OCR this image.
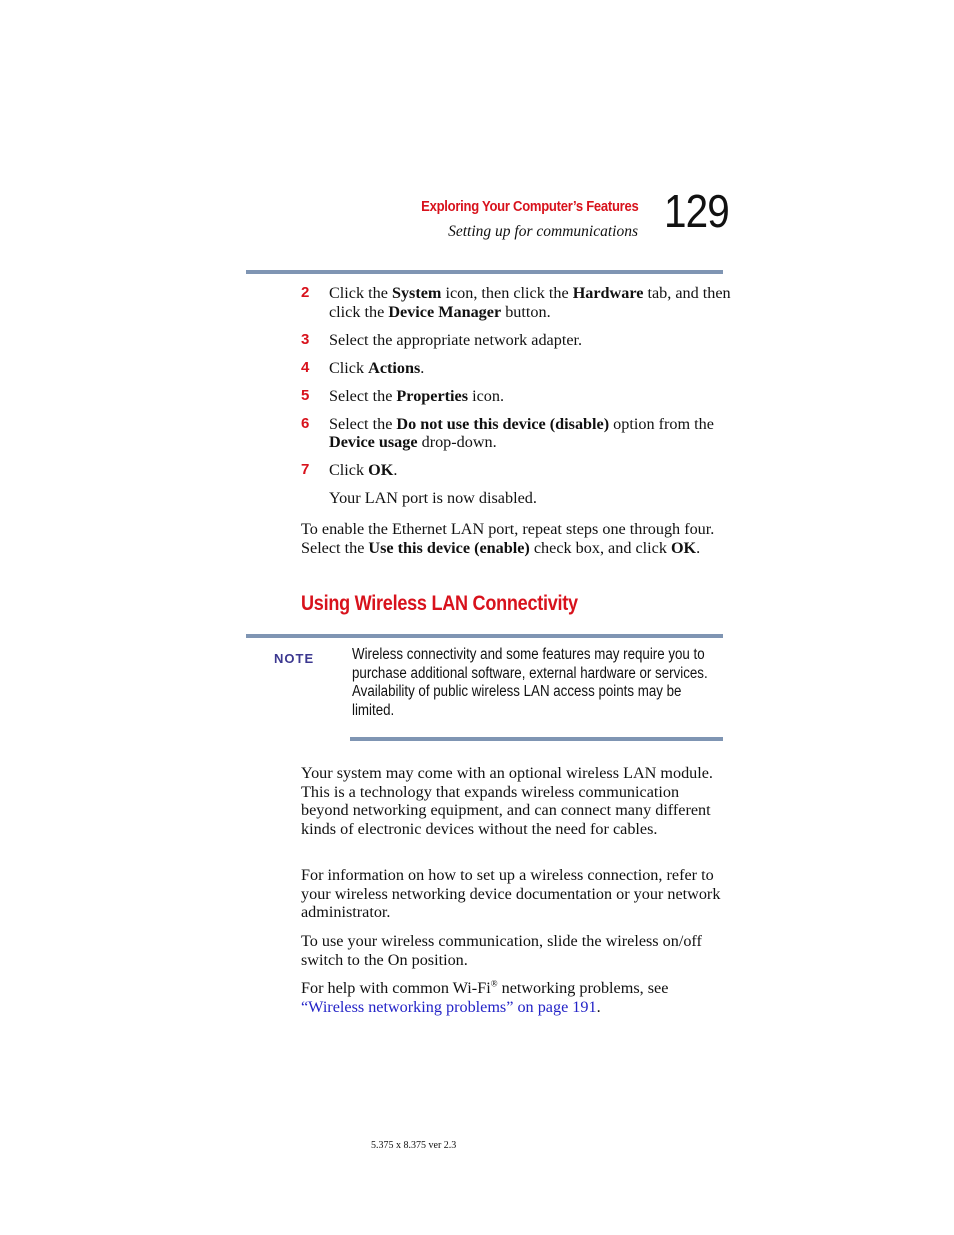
Exploring Your Computer’s Features
Setting up for communications 129
2 Click the System icon, then click the Hardware tab, and then click the Device Manager button.
3 Select the appropriate network adapter.
4 Click Actions.
5 Select the Properties icon.
6 Select the Do not use this device (disable) option from the Device usage drop-down.
7 Click OK.
Your LAN port is now disabled.
To enable the Ethernet LAN port, repeat steps one through four. Select the Use this device (enable) check box, and click OK.
Using Wireless LAN Connectivity
NOTE Wireless connectivity and some features may require you to purchase additional software, external hardware or services. Availability of public wireless LAN access points may be limited.
Your system may come with an optional wireless LAN module. This is a technology that expands wireless communication beyond networking equipment, and can connect many different kinds of electronic devices without the need for cables.
For information on how to set up a wireless connection, refer to your wireless networking device documentation or your network administrator.
To use your wireless communication, slide the wireless on/off switch to the On position.
For help with common Wi-Fi® networking problems, see “Wireless networking problems” on page 191.
5.375 x 8.375 ver 2.3
